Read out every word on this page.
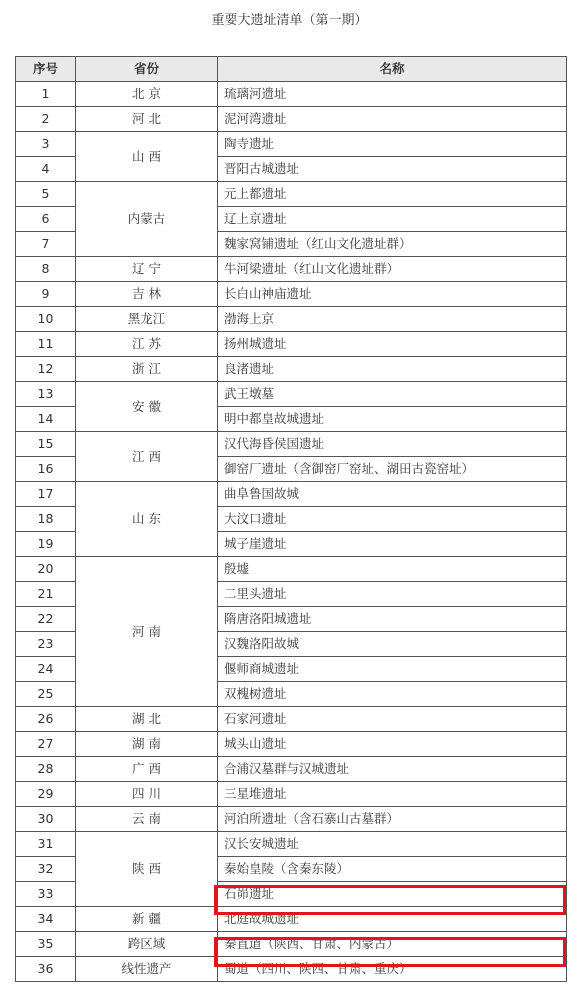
重要大遗址清单（第一期）
序号	省份	名称
1	北 京	琉璃河遗址
2	河 北	泥河湾遗址
3	山 西	陶寺遗址
4		晋阳古城遗址
5	内蒙古	元上都遗址
6		辽上京遗址
7		魏家窝铺遗址（红山文化遗址群）
8	辽 宁	牛河梁遗址（红山文化遗址群）
9	吉 林	长白山神庙遗址
10	黑龙江	渤海上京
11	江 苏	扬州城遗址
12	浙 江	良渚遗址
13	安 徽	武王墩墓
14		明中都皇故城遗址
15	江 西	汉代海昏侯国遗址
16		御窑厂遗址（含御窑厂窑址、湖田古瓷窑址）
17	山 东	曲阜鲁国故城
18		大汶口遗址
19		城子崖遗址
20	河 南	殷墟
21		二里头遗址
22		隋唐洛阳城遗址
23		汉魏洛阳故城
24		偃师商城遗址
25		双槐树遗址
26	湖 北	石家河遗址
27	湖 南	城头山遗址
28	广 西	合浦汉墓群与汉城遗址
29	四 川	三星堆遗址
30	云 南	河泊所遗址（含石寨山古墓群）
31	陕 西	汉长安城遗址
32		秦始皇陵（含秦东陵）
33		石峁遗址
34	新 疆	北庭故城遗址
35	跨区域	秦直道（陕西、甘肃、内蒙古）
36	线性遗产	蜀道（四川、陕西、甘肃、重庆）
